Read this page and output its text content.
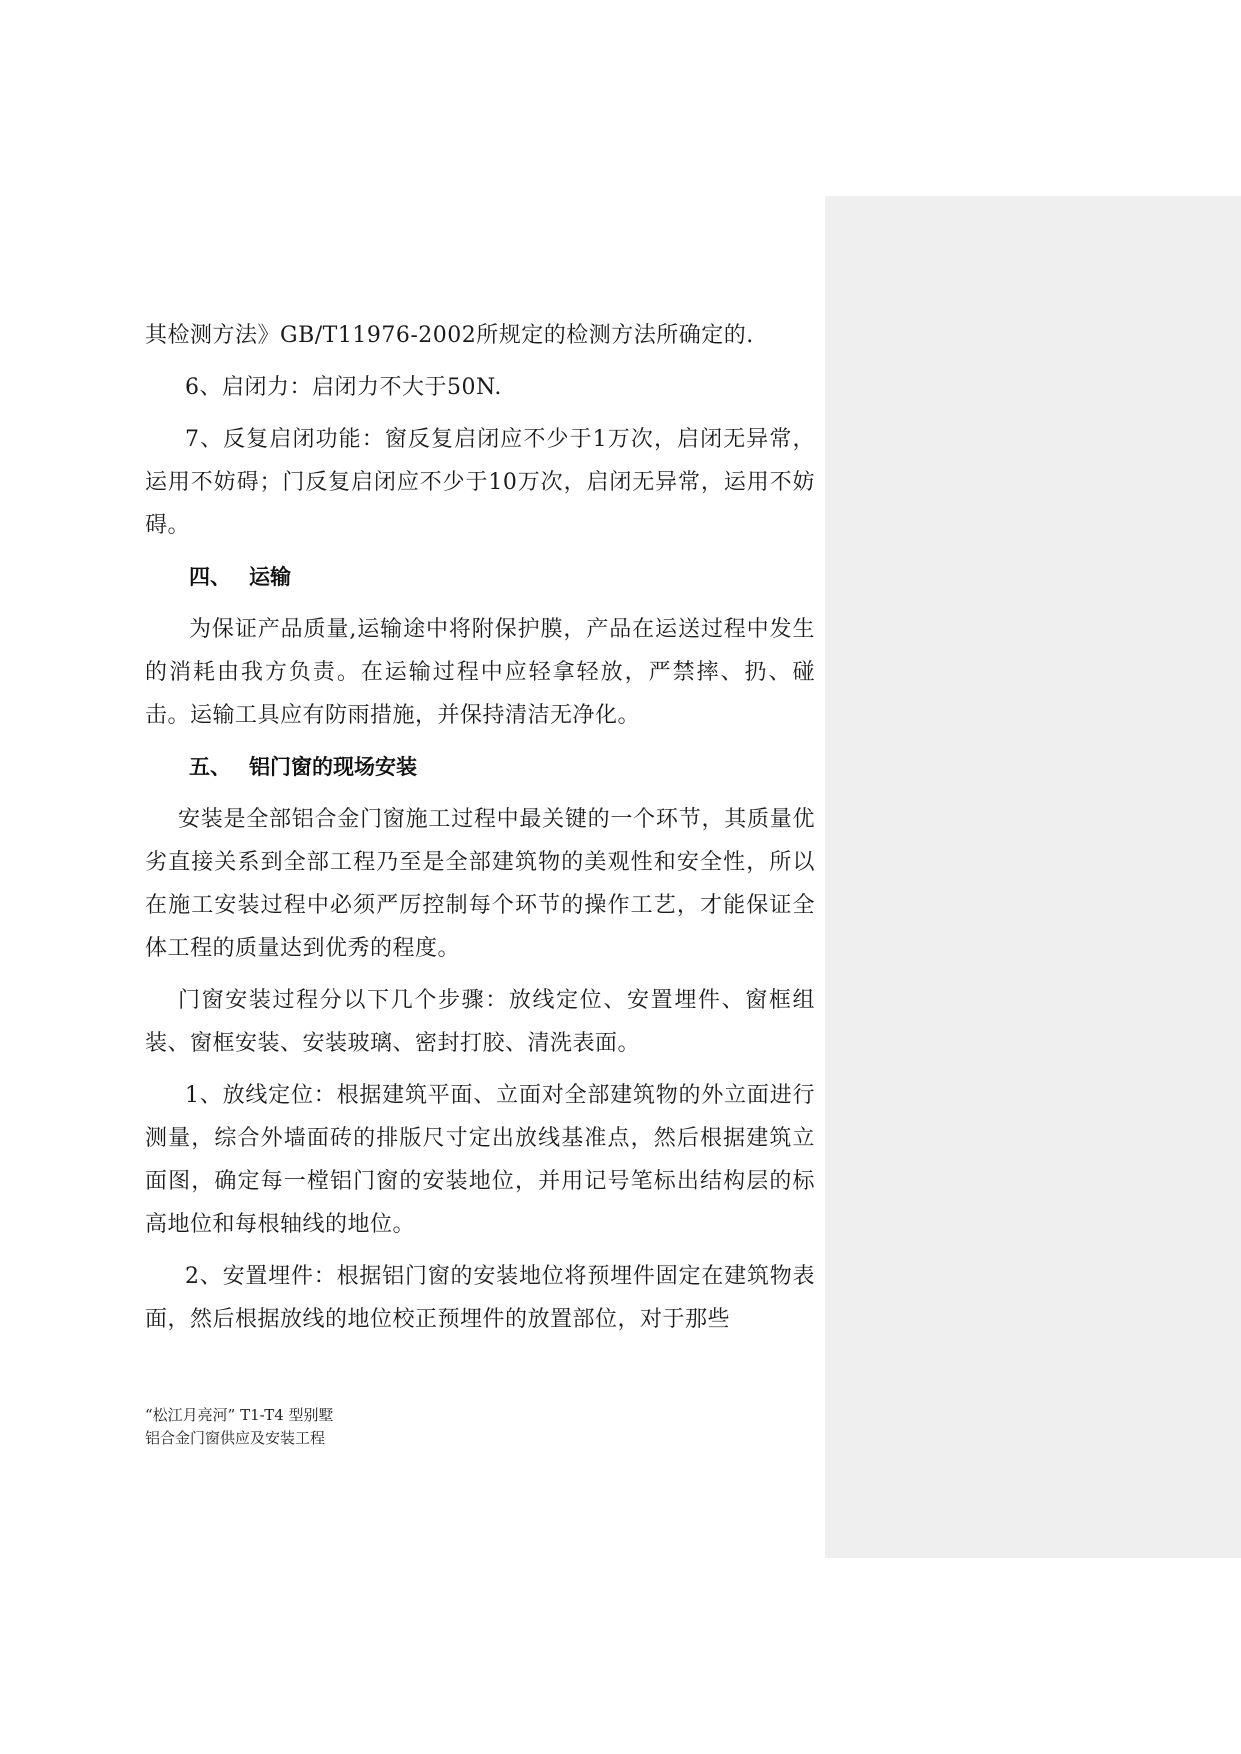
其检测方法》GB/T11976-2002所规定的检测方法所确定的.

6、启闭力：启闭力不大于50N.

7、反复启闭功能：窗反复启闭应不少于1万次，启闭无异常，运用不妨碍；门反复启闭应不少于10万次，启闭无异常，运用不妨碍。

四、 运输

为保证产品质量,运输途中将附保护膜，产品在运送过程中发生的消耗由我方负责。在运输过程中应轻拿轻放，严禁摔、扔、碰击。运输工具应有防雨措施，并保持清洁无净化。

五、 铝门窗的现场安装

安装是全部铝合金门窗施工过程中最关键的一个环节，其质量优劣直接关系到全部工程乃至是全部建筑物的美观性和安全性，所以在施工安装过程中必须严厉控制每个环节的操作工艺，才能保证全体工程的质量达到优秀的程度。

门窗安装过程分以下几个步骤：放线定位、安置埋件、窗框组装、窗框安装、安装玻璃、密封打胶、清洗表面。

1、放线定位：根据建筑平面、立面对全部建筑物的外立面进行测量，综合外墙面砖的排版尺寸定出放线基准点，然后根据建筑立面图，确定每一樘铝门窗的安装地位，并用记号笔标出结构层的标高地位和每根轴线的地位。

2、安置埋件：根据铝门窗的安装地位将预埋件固定在建筑物表面，然后根据放线的地位校正预埋件的放置部位，对于那些

“松江月亮河” T1-T4 型别墅
铝合金门窗供应及安装工程
